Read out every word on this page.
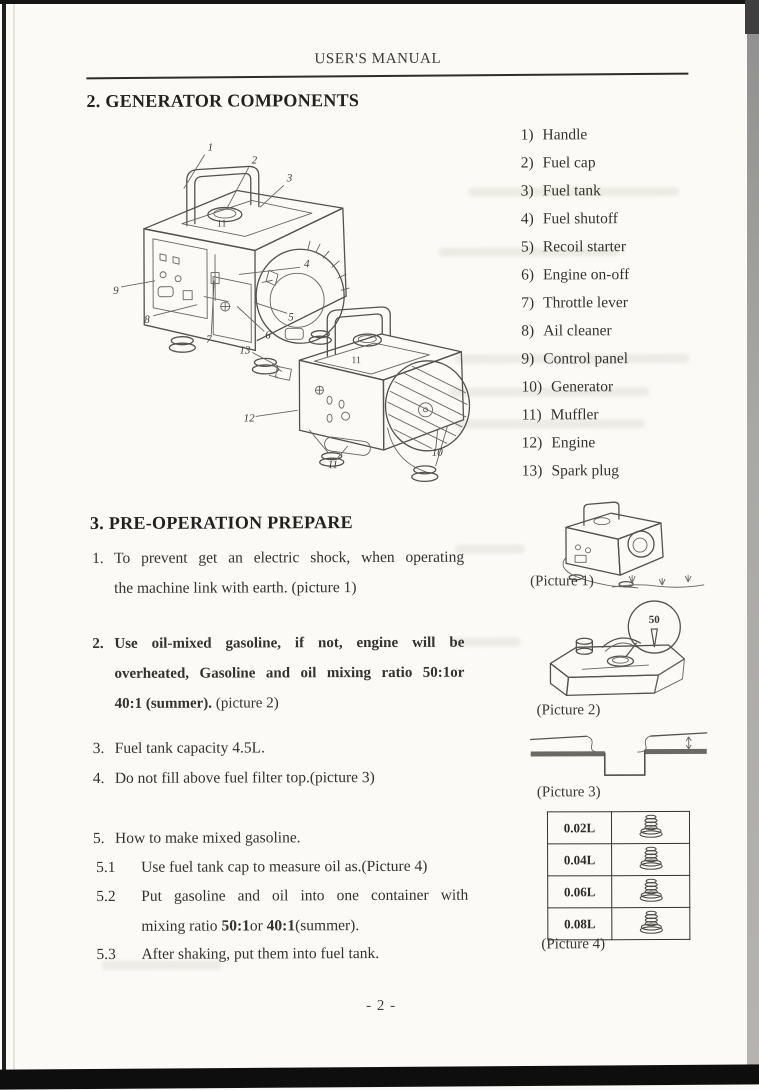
USER'S MANUAL
2. GENERATOR COMPONENTS
1
2
3
4
5
6
7
8
9
11
13
12
11
10
11
1) Handle
2) Fuel cap
3) Fuel tank
4) Fuel shutoff
5) Recoil starter
6) Engine on-off
7) Throttle lever
8) Ail cleaner
9) Control panel
10) Generator
11) Muffler
12) Engine
13) Spark plug
3. PRE-OPERATION PREPARE
1. To prevent get an electric shock, when operating
the machine link with earth. (picture 1)
2. Use oil-mixed gasoline, if not, engine will be
overheated, Gasoline and oil mixing ratio 50:1or
40:1 (summer). (picture 2)
3. Fuel tank capacity 4.5L.
4. Do not fill above fuel filter top.(picture 3)
5. How to make mixed gasoline.
5.1 Use fuel tank cap to measure oil as.(Picture 4)
5.2 Put gasoline and oil into one container with
mixing ratio 50:1or 40:1(summer).
5.3 After shaking, put them into fuel tank.
(Picture 1)
50
(Picture 2)
(Picture 3)
0.02L	
0.04L	
0.06L	
0.08L	
(Picture 4)
- 2 -
